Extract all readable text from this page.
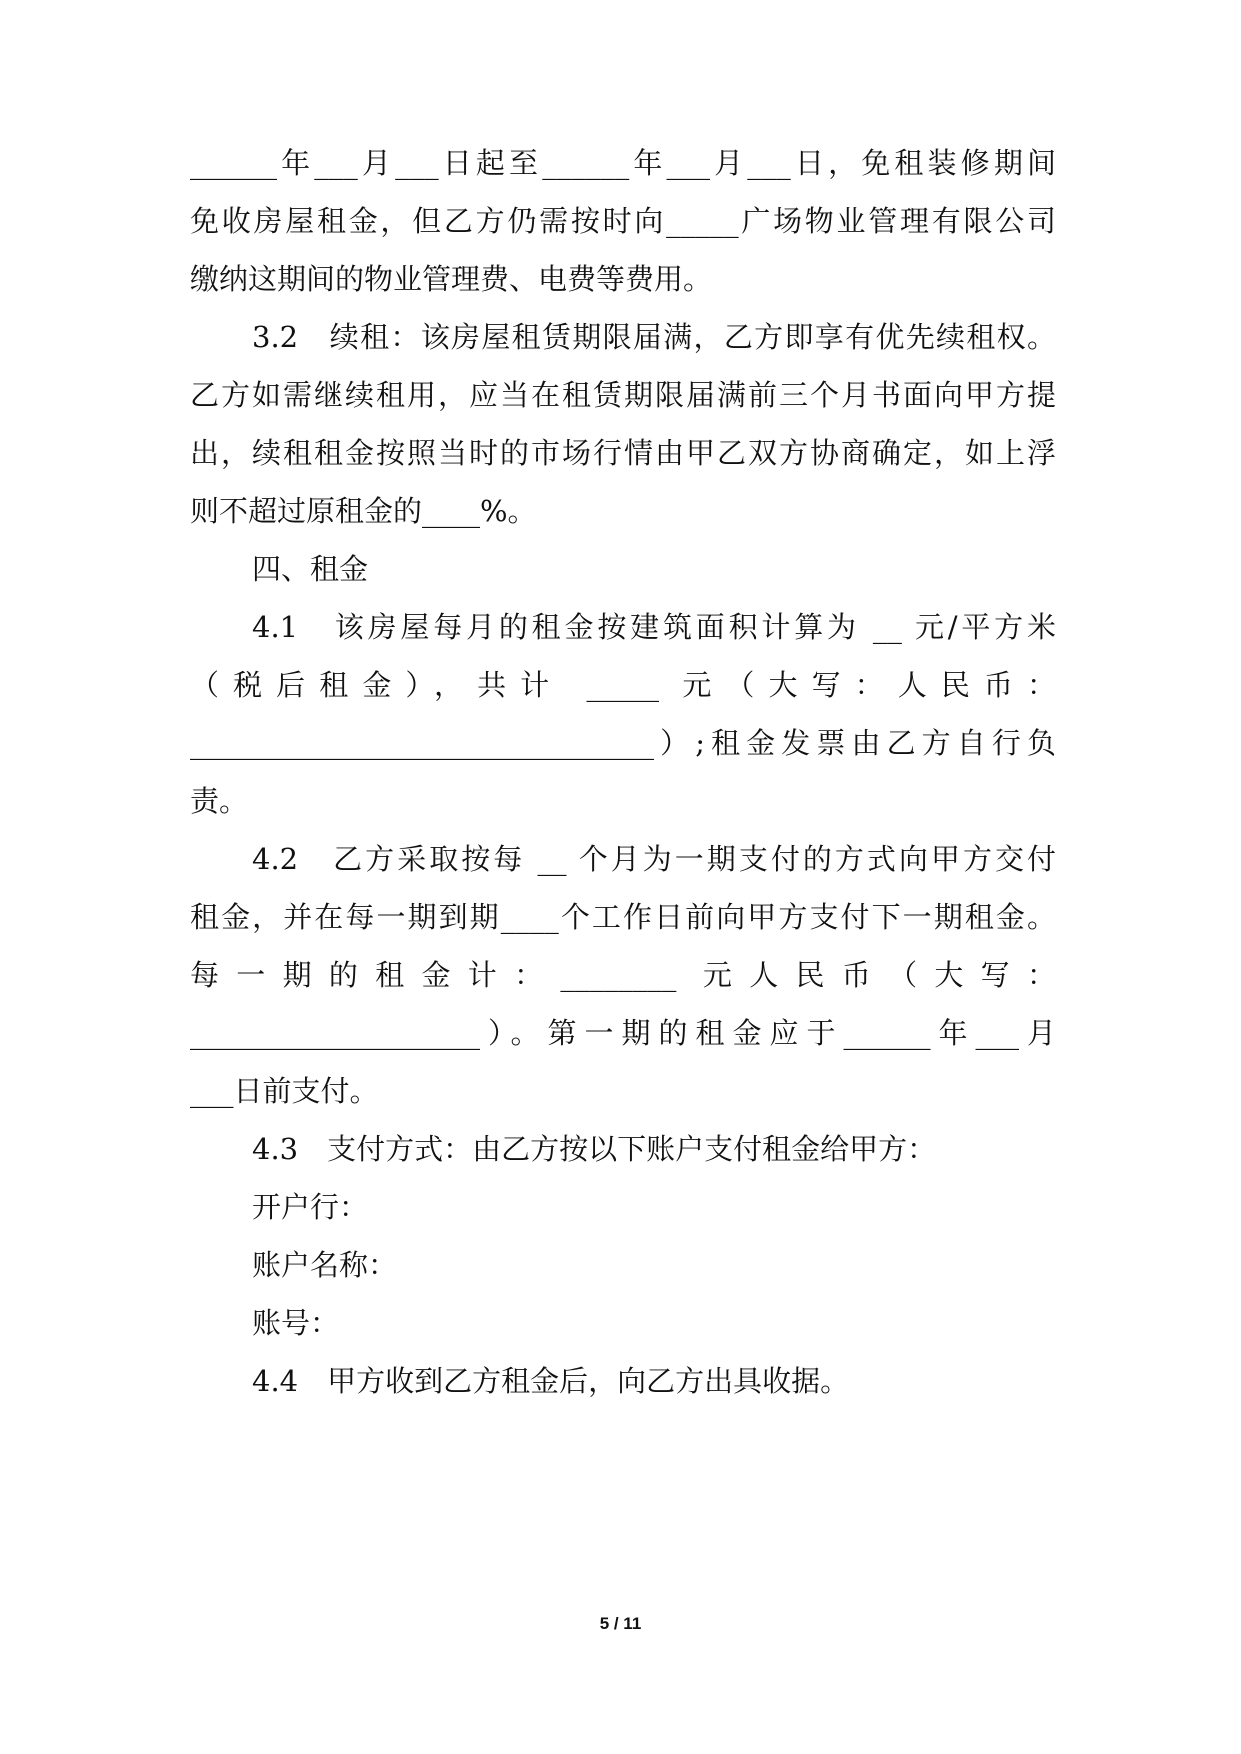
______年___月___日起至______年___月___日，免租装修期间
免收房屋租金，但乙方仍需按时向_____广场物业管理有限公司
缴纳这期间的物业管理费、电费等费用。
3.2　续租：该房屋租赁期限届满，乙方即享有优先续租权。
乙方如需继续租用，应当在租赁期限届满前三个月书面向甲方提
出，续租租金按照当时的市场行情由甲乙双方协商确定，如上浮
则不超过原租金的____%。
四、租金
4.1　该房屋每月的租金按建筑面积计算为 __ 元/平方米
（税后租金），共计 _____ 元（大写：人民币：
________________________________）;租金发票由乙方自行负
责。
4.2　乙方采取按每 __ 个月为一期支付的方式向甲方交付
租金，并在每一期到期____个工作日前向甲方支付下一期租金。
每一期的租金计：________ 元人民币（大写：
____________________）。第一期的租金应于______年___月
___日前支付。
4.3　支付方式：由乙方按以下账户支付租金给甲方：
开户行：
账户名称：
账号：
4.4　甲方收到乙方租金后，向乙方出具收据。
5 / 11
